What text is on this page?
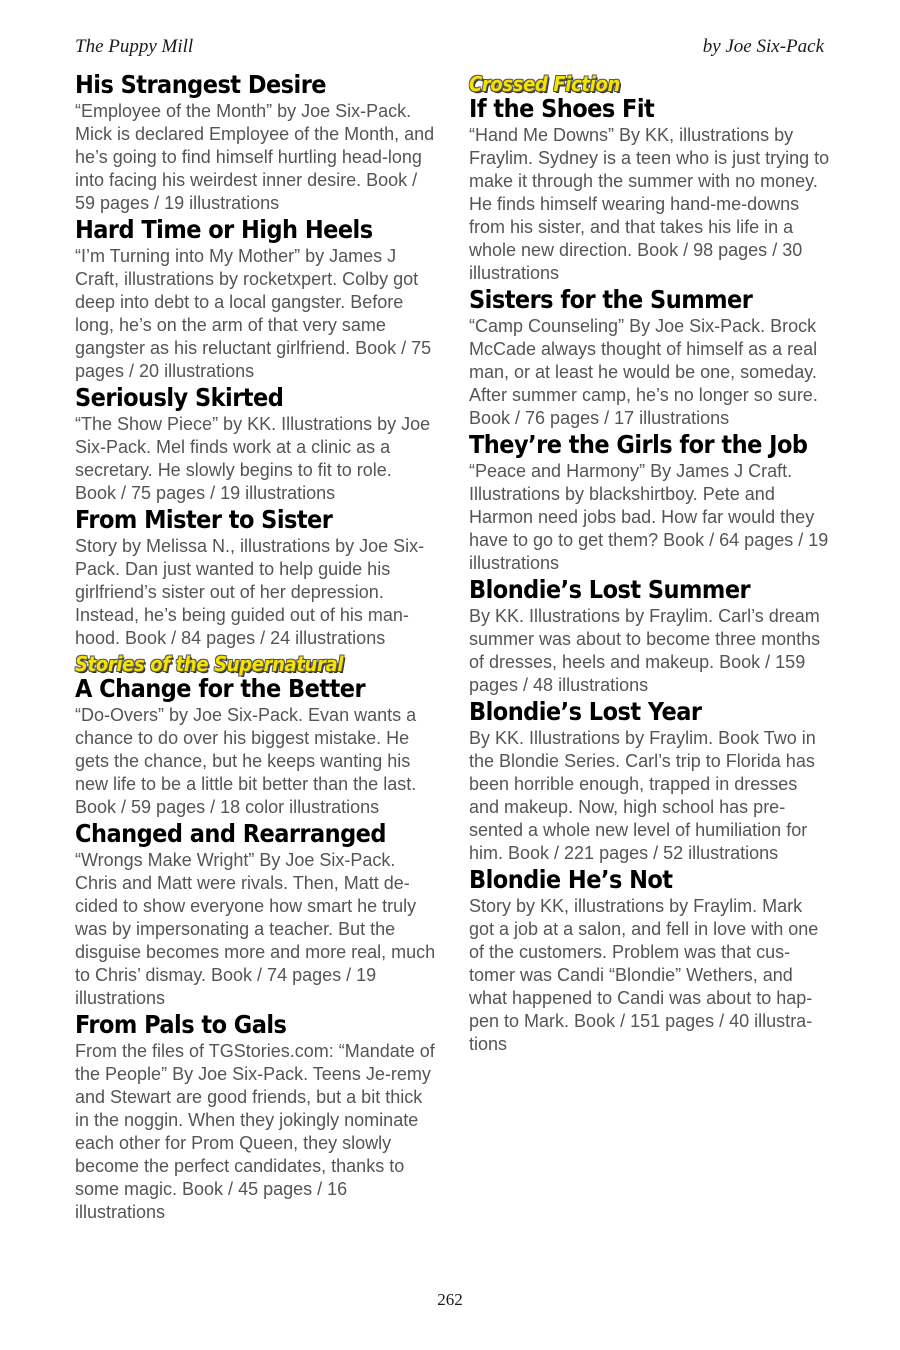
The Puppy Mill	by Joe Six-Pack
His Strangest Desire
“Employee of the Month” by Joe Six-Pack. Mick is declared Employee of the Month, and he’s going to find himself hurtling head-long into facing his weirdest inner desire. Book / 59 pages / 19 illustrations
Hard Time or High Heels
“I’m Turning into My Mother” by James J Craft, illustrations by rocketxpert. Colby got deep into debt to a local gangster. Before long, he’s on the arm of that very same gangster as his reluctant girlfriend. Book / 75 pages / 20 illustrations
Seriously Skirted
“The Show Piece” by KK. Illustrations by Joe Six-Pack. Mel finds work at a clinic as a secretary. He slowly begins to fit to role. Book / 75 pages / 19 illustrations
From Mister to Sister
Story by Melissa N., illustrations by Joe Six-Pack. Dan just wanted to help guide his girlfriend’s sister out of her depression. Instead, he’s being guided out of his man-hood. Book / 84 pages / 24 illustrations
Stories of the Supernatural
A Change for the Better
“Do-Overs” by Joe Six-Pack. Evan wants a chance to do over his biggest mistake. He gets the chance, but he keeps wanting his new life to be a little bit better than the last. Book / 59 pages / 18 color illustrations
Changed and Rearranged
“Wrongs Make Wright” By Joe Six-Pack. Chris and Matt were rivals. Then, Matt de-cided to show everyone how smart he truly was by impersonating a teacher. But the disguise becomes more and more real, much to Chris’ dismay. Book / 74 pages / 19 illustrations
From Pals to Gals
From the files of TGStories.com: “Mandate of the People” By Joe Six-Pack. Teens Je-remy and Stewart are good friends, but a bit thick in the noggin. When they jokingly nominate each other for Prom Queen, they slowly become the perfect candidates, thanks to some magic. Book / 45 pages / 16 illustrations
Crossed Fiction
If the Shoes Fit
“Hand Me Downs” By KK, illustrations by Fraylim. Sydney is a teen who is just trying to make it through the summer with no money. He finds himself wearing hand-me-downs from his sister, and that takes his life in a whole new direction. Book / 98 pages / 30 illustrations
Sisters for the Summer
“Camp Counseling” By Joe Six-Pack. Brock McCade always thought of himself as a real man, or at least he would be one, someday. After summer camp, he’s no longer so sure. Book / 76 pages / 17 illustrations
They’re the Girls for the Job
“Peace and Harmony” By James J Craft. Illustrations by blackshirtboy. Pete and Harmon need jobs bad. How far would they have to go to get them? Book / 64 pages / 19 illustrations
Blondie’s Lost Summer
By KK. Illustrations by Fraylim. Carl’s dream summer was about to become three months of dresses, heels and makeup. Book / 159 pages / 48 illustrations
Blondie’s Lost Year
By KK. Illustrations by Fraylim. Book Two in the Blondie Series. Carl’s trip to Florida has been horrible enough, trapped in dresses and makeup. Now, high school has pre-sented a whole new level of humiliation for him. Book / 221 pages / 52 illustrations
Blondie He’s Not
Story by KK, illustrations by Fraylim. Mark got a job at a salon, and fell in love with one of the customers. Problem was that cus-tomer was Candi “Blondie” Wethers, and what happened to Candi was about to hap-pen to Mark. Book / 151 pages / 40 illustra-tions
262
